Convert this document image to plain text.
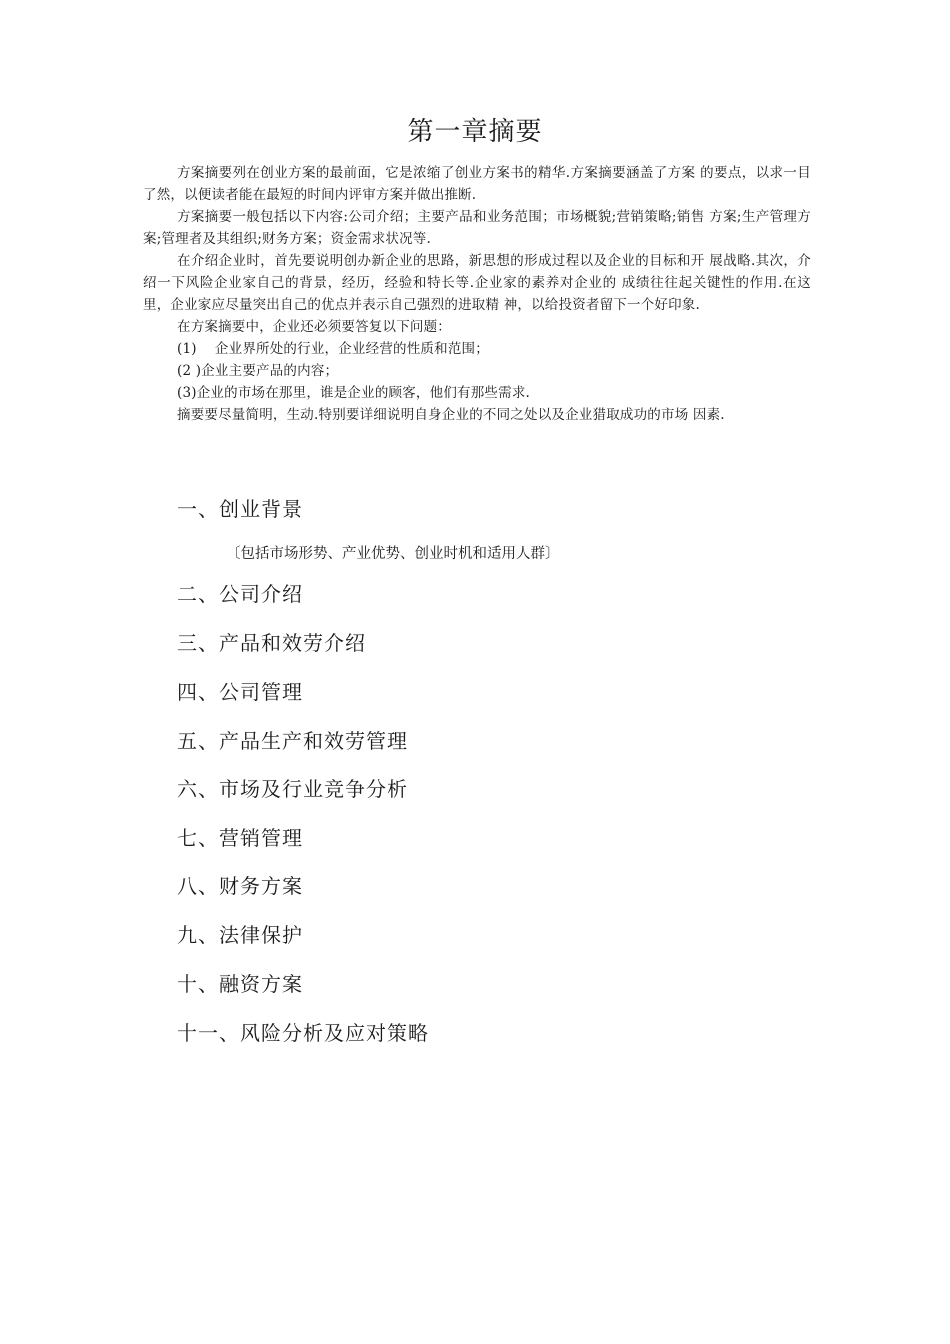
第一章摘要

方案摘要列在创业方案的最前面，它是浓缩了创业方案书的精华.方案摘要涵盖了方案 的要点，以求一目了然，以便读者能在最短的时间内评审方案并做出推断.

方案摘要一般包括以下内容:公司介绍；主要产品和业务范围；市场概貌;营销策略;销售 方案;生产管理方案;管理者及其组织;财务方案；资金需求状况等.

在介绍企业时，首先要说明创办新企业的思路，新思想的形成过程以及企业的目标和开 展战略.其次，介绍一下风险企业家自己的背景，经历，经验和特长等.企业家的素养对企业的 成绩往往起关键性的作用.在这里，企业家应尽量突出自己的优点并表示自己强烈的进取精 神，以给投资者留下一个好印象.

在方案摘要中，企业还必须要答复以下问题：

(1)　 企业界所处的行业，企业经营的性质和范围；

(2 )企业主要产品的内容；

(3)企业的市场在那里，谁是企业的顾客，他们有那些需求.

摘要要尽量简明，生动.特别要详细说明自身企业的不同之处以及企业猎取成功的市场 因素.

一、创业背景
〔包括市场形势、产业优势、创业时机和适用人群〕
二、公司介绍
三、产品和效劳介绍
四、公司管理
五、产品生产和效劳管理
六、市场及行业竞争分析
七、营销管理
八、财务方案
九、法律保护
十、融资方案
十一、风险分析及应对策略
